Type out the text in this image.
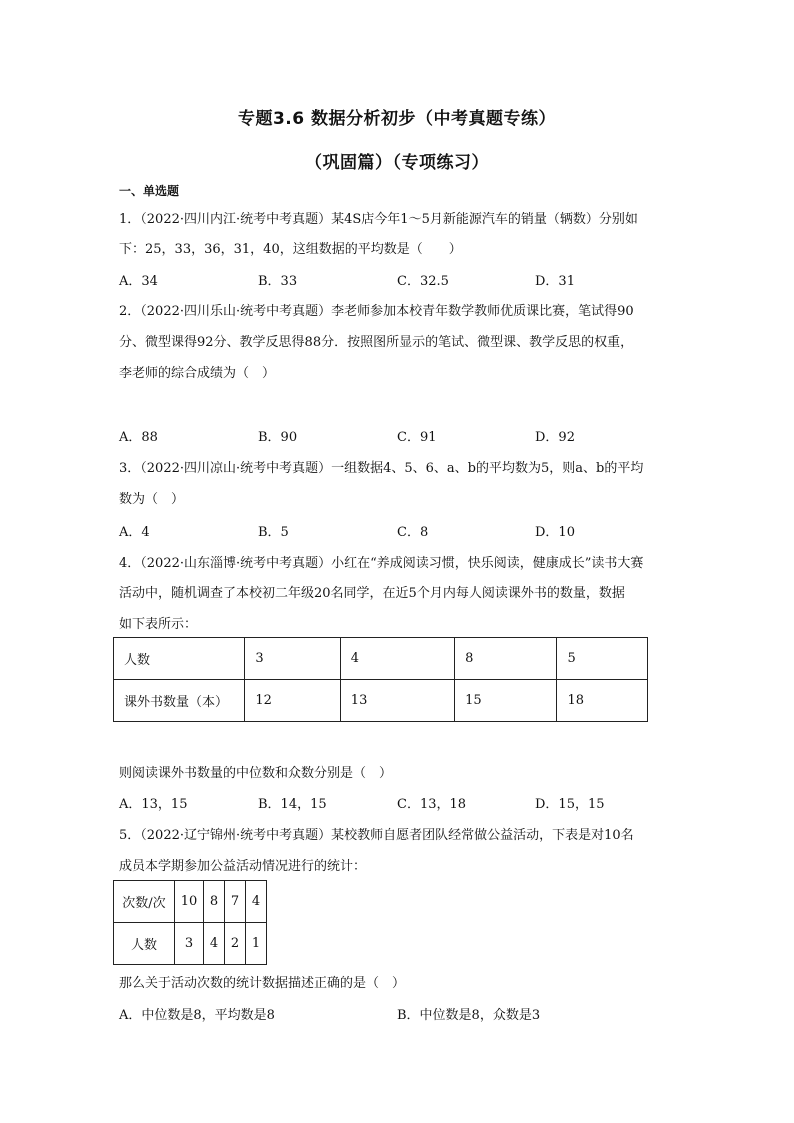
专题3.6 数据分析初步（中考真题专练）
（巩固篇）（专项练习）
一、单选题
1．（2022·四川内江·统考中考真题）某4S店今年1～5月新能源汽车的销量（辆数）分别如
下：25，33，36，31，40，这组数据的平均数是（　　）
A．34	B．33	C．32.5	D．31
2．（2022·四川乐山·统考中考真题）李老师参加本校青年数学教师优质课比赛，笔试得90
分、微型课得92分、教学反思得88分．按照图所显示的笔试、微型课、教学反思的权重，
李老师的综合成绩为（　）
A．88	B．90	C．91	D．92
3．（2022·四川凉山·统考中考真题）一组数据4、5、6、a、b的平均数为5，则a、b的平均
数为（　）
A．4	B．5	C．8	D．10
4．（2022·山东淄博·统考中考真题）小红在“养成阅读习惯，快乐阅读，健康成长”读书大赛
活动中，随机调查了本校初二年级20名同学，在近5个月内每人阅读课外书的数量，数据
如下表所示：
人数	3	4	8	5
课外书数量（本）	12	13	15	18
则阅读课外书数量的中位数和众数分别是（　）
A．13，15	B．14，15	C．13，18	D．15，15
5．（2022·辽宁锦州·统考中考真题）某校教师自愿者团队经常做公益活动，下表是对10名
成员本学期参加公益活动情况进行的统计：
次数/次	10	8	7	4
人数	3	4	2	1
那么关于活动次数的统计数据描述正确的是（　）
A．中位数是8，平均数是8	B．中位数是8，众数是3
